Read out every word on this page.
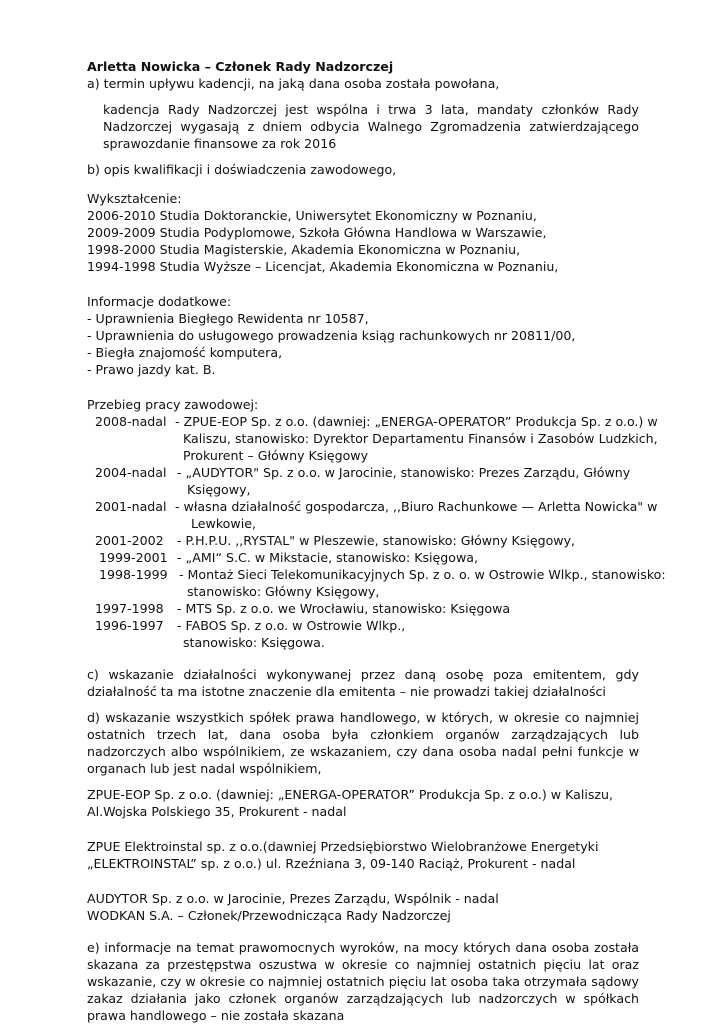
Arletta Nowicka – Członek Rady Nadzorczej

a) termin upływu kadencji, na jaką dana osoba została powołana,

kadencja Rady Nadzorczej jest wspólna i trwa 3 lata, mandaty członków Rady Nadzorczej wygasają z dniem odbycia Walnego Zgromadzenia zatwierdzającego sprawozdanie finansowe za rok 2016

b) opis kwalifikacji i doświadczenia zawodowego,

Wykształcenie:

2006-2010 Studia Doktoranckie, Uniwersytet Ekonomiczny w Poznaniu,

2009-2009 Studia Podyplomowe, Szkoła Główna Handlowa w Warszawie,

1998-2000 Studia Magisterskie, Akademia Ekonomiczna w Poznaniu,

1994-1998 Studia Wyższe – Licencjat, Akademia Ekonomiczna w Poznaniu,

Informacje dodatkowe:

- Uprawnienia Biegłego Rewidenta nr 10587,

- Uprawnienia do usługowego prowadzenia ksiąg rachunkowych nr 20811/00,

- Biegła znajomość komputera,

- Prawo jazdy kat. B.

Przebieg pracy zawodowej:

2008-nadal - ZPUE-EOP Sp. z o.o. (dawniej: „ENERGA-OPERATOR” Produkcja Sp. z o.o.) w
Kaliszu, stanowisko: Dyrektor Departamentu Finansów i Zasobów Ludzkich, Prokurent – Główny Księgowy
2004-nadal - „AUDYTOR" Sp. z o.o. w Jarocinie, stanowisko: Prezes Zarządu, Główny
Księgowy,
2001-nadal - własna działalność gospodarcza, ,,Biuro Rachunkowe — Arletta Nowicka" w
Lewkowie,
2001-2002	- P.H.P.U. ,,RYSTAL" w Pleszewie, stanowisko: Główny Księgowy,
1999-2001 - „AMI“ S.C. w Mikstacie, stanowisko: Księgowa,
1998-1999 - Montaż Sieci Telekomunikacyjnych Sp. z o. o. w Ostrowie Wlkp., stanowisko:
stanowisko: Główny Księgowy,
1997-1998	- MTS Sp. z o.o. we Wrocławiu, stanowisko: Księgowa
1996-1997	- FABOS Sp. z o.o. w Ostrowie Wlkp.,
stanowisko: Księgowa.

c) wskazanie działalności wykonywanej przez daną osobę poza emitentem, gdy działalność ta ma istotne znaczenie dla emitenta – nie prowadzi takiej działalności

d) wskazanie wszystkich spółek prawa handlowego, w których, w okresie co najmniej ostatnich trzech lat, dana osoba była członkiem organów zarządzających lub nadzorczych albo wspólnikiem, ze wskazaniem, czy dana osoba nadal pełni funkcje w organach lub jest nadal wspólnikiem,

ZPUE-EOP Sp. z o.o. (dawniej: „ENERGA-OPERATOR” Produkcja Sp. z o.o.) w Kaliszu,

Al.Wojska Polskiego 35, Prokurent - nadal

ZPUE Elektroinstal sp. z o.o.(dawniej Przedsiębiorstwo Wielobranżowe Energetyki

„ELEKTROINSTAL” sp. z o.o.) ul. Rzeźniana 3, 09-140 Raciąż, Prokurent - nadal

AUDYTOR Sp. z o.o. w Jarocinie, Prezes Zarządu, Wspólnik - nadal

WODKAN S.A. – Członek/Przewodnicząca Rady Nadzorczej

e) informacje na temat prawomocnych wyroków, na mocy których dana osoba została skazana za przestępstwa oszustwa w okresie co najmniej ostatnich pięciu lat oraz wskazanie, czy w okresie co najmniej ostatnich pięciu lat osoba taka otrzymała sądowy zakaz działania jako członek organów zarządzających lub nadzorczych w spółkach prawa handlowego – nie została skazana
